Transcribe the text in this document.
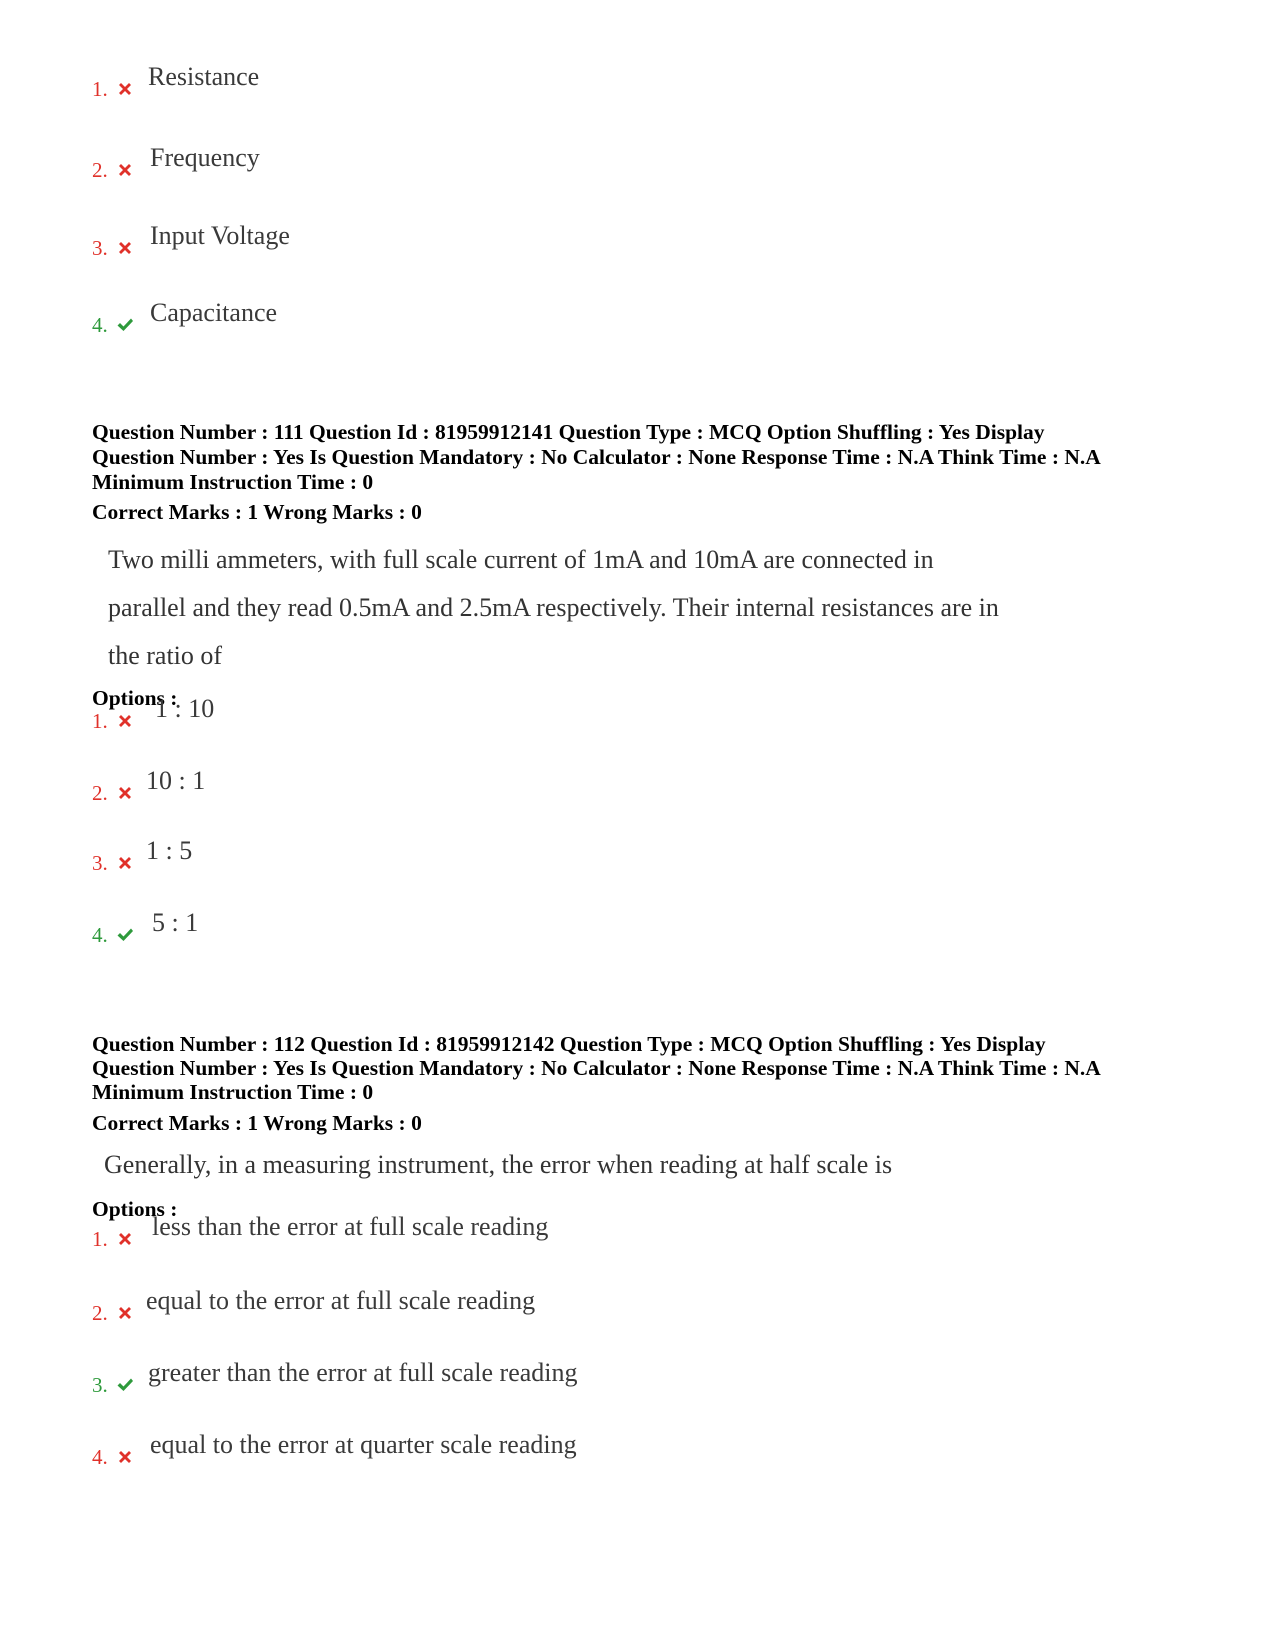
1. Resistance
2. Frequency
3. Input Voltage
4. Capacitance
Question Number : 111 Question Id : 81959912141 Question Type : MCQ Option Shuffling : Yes Display
Question Number : Yes Is Question Mandatory : No Calculator : None Response Time : N.A Think Time : N.A
Minimum Instruction Time : 0
Correct Marks : 1 Wrong Marks : 0
Two milli ammeters, with full scale current of 1mA and 10mA are connected in
parallel and they read 0.5mA and 2.5mA respectively. Their internal resistances are in
the ratio of
Options :
1. 1 : 10
2. 10 : 1
3. 1 : 5
4. 5 : 1
Question Number : 112 Question Id : 81959912142 Question Type : MCQ Option Shuffling : Yes Display
Question Number : Yes Is Question Mandatory : No Calculator : None Response Time : N.A Think Time : N.A
Minimum Instruction Time : 0
Correct Marks : 1 Wrong Marks : 0
Generally, in a measuring instrument, the error when reading at half scale is
Options :
1. less than the error at full scale reading
2. equal to the error at full scale reading
3. greater than the error at full scale reading
4. equal to the error at quarter scale reading
